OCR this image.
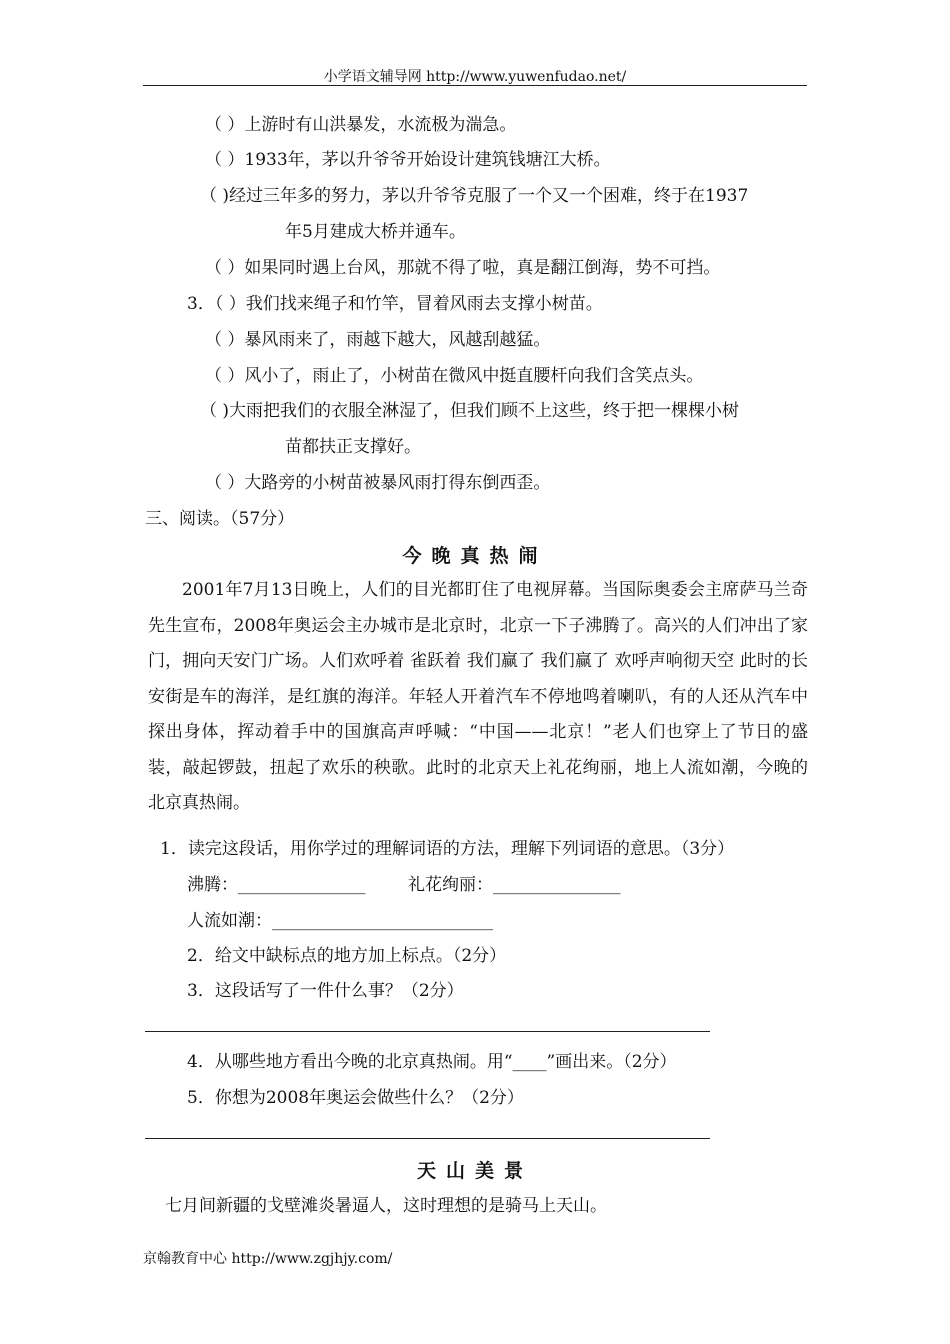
小学语文辅导网 http://www.yuwenfudao.net/
（ ）上游时有山洪暴发，水流极为湍急。
（ ）1933年，茅以升爷爷开始设计建筑钱塘江大桥。
（ )经过三年多的努力，茅以升爷爷克服了一个又一个困难，终于在1937
年5月建成大桥并通车。
（ ）如果同时遇上台风，那就不得了啦，真是翻江倒海，势不可挡。
3．（ ）我们找来绳子和竹竿，冒着风雨去支撑小树苗。
（ ）暴风雨来了，雨越下越大，风越刮越猛。
（ ）风小了，雨止了，小树苗在微风中挺直腰杆向我们含笑点头。
（ )大雨把我们的衣服全淋湿了，但我们顾不上这些，终于把一棵棵小树
苗都扶正支撑好。
（ ）大路旁的小树苗被暴风雨打得东倒西歪。
三、阅读。（57分）
今晚真热闹
2001年7月13日晚上，人们的目光都盯住了电视屏幕。当国际奥委会主席萨马兰奇先生宣布，2008年奥运会主办城市是北京时，北京一下子沸腾了。高兴的人们冲出了家门，拥向天安门广场。人们欢呼着 雀跃着 我们赢了 我们赢了 欢呼声响彻天空 此时的长安街是车的海洋，是红旗的海洋。年轻人开着汽车不停地鸣着喇叭，有的人还从汽车中探出身体，挥动着手中的国旗高声呼喊：“中国——北京！”老人们也穿上了节日的盛装，敲起锣鼓，扭起了欢乐的秧歌。此时的北京天上礼花绚丽，地上人流如潮，今晚的北京真热闹。
1．读完这段话，用你学过的理解词语的方法，理解下列词语的意思。（3分）
沸腾：_______________	礼花绚丽：_______________
人流如潮：__________________________
2．给文中缺标点的地方加上标点。（2分）
3．这段话写了一件什么事？（2分）
4．从哪些地方看出今晚的北京真热闹。用“____”画出来。（2分）
5．你想为2008年奥运会做些什么？（2分）
天山美景
七月间新疆的戈壁滩炎暑逼人，这时理想的是骑马上天山。
京翰教育中心 http://www.zgjhjy.com/
